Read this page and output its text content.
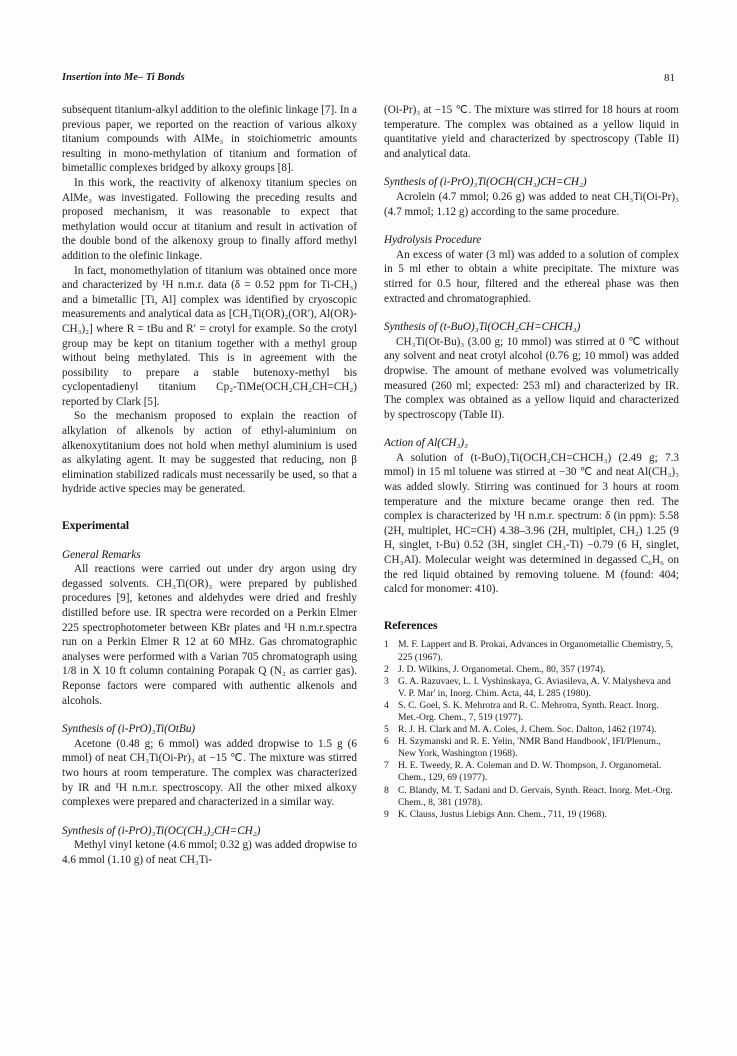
Insertion into Me– Ti Bonds	81

subsequent titanium-alkyl addition to the olefinic linkage [7]. In a previous paper, we reported on the reaction of various alkoxy titanium compounds with AlMe₃ in stoichiometric amounts resulting in mono-methylation of titanium and formation of bimetallic complexes bridged by alkoxy groups [8].

In this work, the reactivity of alkenoxy titanium species on AlMe₃ was investigated. Following the preceding results and proposed mechanism, it was reasonable to expect that methylation would occur at titanium and result in activation of the double bond of the alkenoxy group to finally afford methyl addition to the olefinic linkage.

In fact, monomethylation of titanium was obtained once more and characterized by ¹H n.m.r. data (δ = 0.52 ppm for Ti-CH₃) and a bimetallic [Ti, Al] complex was identified by cryoscopic measurements and analytical data as [CH₃Ti(OR)₂(OR′), Al(OR)-CH₃)₂] where R = tBu and R′ = crotyl for example. So the crotyl group may be kept on titanium together with a methyl group without being methylated. This is in agreement with the possibility to prepare a stable butenoxy-methyl bis cyclopentadienyl titanium Cp₂-TiMe(OCH₂CH₂CH=CH₂) reported by Clark [5].

So the mechanism proposed to explain the reaction of alkylation of alkenols by action of ethyl-aluminium on alkenoxytitanium does not hold when methyl aluminium is used as alkylating agent. It may be suggested that reducing, non β elimination stabilized radicals must necessarily be used, so that a hydride active species may be generated.

Experimental
General Remarks

All reactions were carried out under dry argon using dry degassed solvents. CH₃Ti(OR)₃ were prepared by published procedures [9], ketones and aldehydes were dried and freshly distilled before use. IR spectra were recorded on a Perkin Elmer 225 spectrophotometer between KBr plates and ¹H n.m.r.spectra run on a Perkin Elmer R 12 at 60 MHz. Gas chromatographic analyses were performed with a Varian 705 chromatograph using 1/8 in X 10 ft column containing Porapak Q (N₂ as carrier gas). Reponse factors were compared with authentic alkenols and alcohols.

Synthesis of (i-PrO)₃Ti(OtBu)

Acetone (0.48 g; 6 mmol) was added dropwise to 1.5 g (6 mmol) of neat CH₃Ti(Oi-Pr)₃ at −15 ℃. The mixture was stirred two hours at room temperature. The complex was characterized by IR and ¹H n.m.r. spectroscopy. All the other mixed alkoxy complexes were prepared and characterized in a similar way.

Synthesis of (i-PrO)₃Ti(OC(CH₃)₂CH=CH₂)

Methyl vinyl ketone (4.6 mmol; 0.32 g) was added dropwise to 4.6 mmol (1.10 g) of neat CH₃Ti-

(Oi-Pr)₃ at −15 ℃. The mixture was stirred for 18 hours at room temperature. The complex was obtained as a yellow liquid in quantitative yield and characterized by spectroscopy (Table II) and analytical data.

Synthesis of (i-PrO)₃Ti(OCH(CH₃)CH=CH₂)

Acrolein (4.7 mmol; 0.26 g) was added to neat CH₃Ti(Oi-Pr)₃ (4.7 mmol; 1.12 g) according to the same procedure.

Hydrolysis Procedure

An excess of water (3 ml) was added to a solution of complex in 5 ml ether to obtain a white precipitate. The mixture was stirred for 0.5 hour, filtered and the ethereal phase was then extracted and chromatographied.

Synthesis of (t-BuO)₃Ti(OCH₂CH=CHCH₃)

CH₃Ti(Ot-Bu)₃ (3.00 g; 10 mmol) was stirred at 0 ℃ without any solvent and neat crotyl alcohol (0.76 g; 10 mmol) was added dropwise. The amount of methane evolved was volumetrically measured (260 ml; expected: 253 ml) and characterized by IR. The complex was obtained as a yellow liquid and characterized by spectroscopy (Table II).

Action of Al(CH₃)₃

A solution of (t-BuO)₃Ti(OCH₂CH=CHCH₃) (2.49 g; 7.3 mmol) in 15 ml toluene was stirred at −30 ℃ and neat Al(CH₃)₃ was added slowly. Stirring was continued for 3 hours at room temperature and the mixture became orange then red. The complex is characterized by ¹H n.m.r. spectrum: δ (in ppm): 5.58 (2H, multiplet, HC=CH) 4.38–3.96 (2H, multiplet, CH₂) 1.25 (9 H, singlet, t-Bu) 0.52 (3H, singlet CH₃-Ti) −0.79 (6 H, singlet, CH₃Al). Molecular weight was determined in degassed C₆H₆ on the red liquid obtained by removing toluene. M (found: 404; calcd for monomer: 410).

References
1 M. F. Lappert and B. Prokai, Advances in Organometallic Chemistry, 5, 225 (1967).
2 J. D. Wilkins, J. Organometal. Chem., 80, 357 (1974).
3 G. A. Razuvaev, L. I. Vyshinskaya, G. Aviasileva, A. V. Malysheva and V. P. Mar' in, Inorg. Chim. Acta, 44, L 285 (1980).
4 S. C. Goel, S. K. Mehrotra and R. C. Mehrotra, Synth. React. Inorg. Met.-Org. Chem., 7, 519 (1977).
5 R. J. H. Clark and M. A. Coles, J. Chem. Soc. Dalton, 1462 (1974).
6 H. Szymanski and R. E. Yelin, 'NMR Band Handbook', IFI/Plenum., New York, Washington (1968).
7 H. E. Tweedy, R. A. Coleman and D. W. Thompson, J. Organometal. Chem., 129, 69 (1977).
8 C. Blandy, M. T. Sadani and D. Gervais, Synth. React. Inorg. Met.-Org. Chem., 8, 381 (1978).
9 K. Clauss, Justus Liebigs Ann. Chem., 711, 19 (1968).
